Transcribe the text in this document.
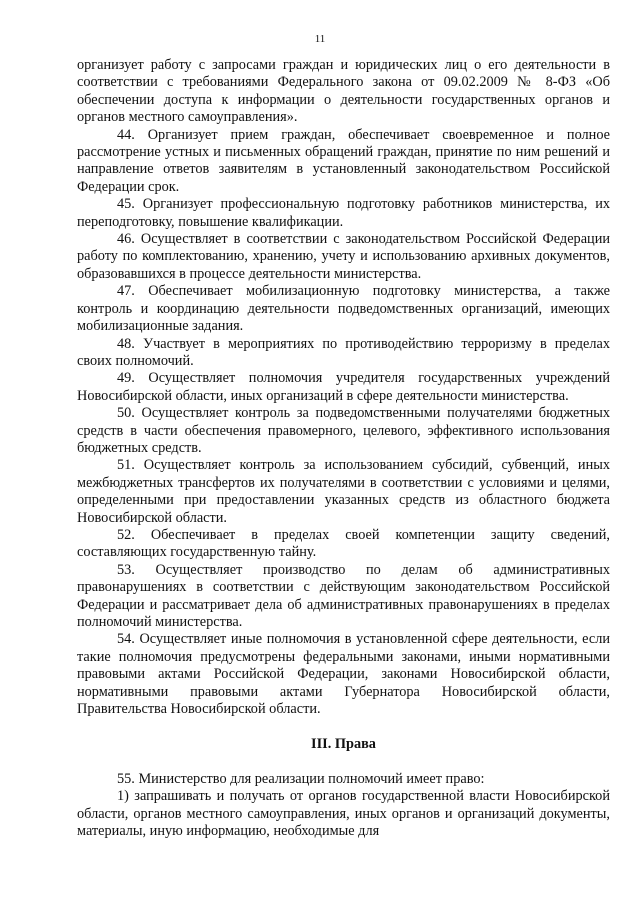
11

организует работу с запросами граждан и юридических лиц о его деятельности в соответствии с требованиями Федерального закона от 09.02.2009 № 8-ФЗ «Об обеспечении доступа к информации о деятельности государственных органов и органов местного самоуправления».

44. Организует прием граждан, обеспечивает своевременное и полное рассмотрение устных и письменных обращений граждан, принятие по ним решений и направление ответов заявителям в установленный законодательством Российской Федерации срок.

45. Организует профессиональную подготовку работников министерства, их переподготовку, повышение квалификации.

46. Осуществляет в соответствии с законодательством Российской Федерации работу по комплектованию, хранению, учету и использованию архивных документов, образовавшихся в процессе деятельности министерства.

47. Обеспечивает мобилизационную подготовку министерства, а также контроль и координацию деятельности подведомственных организаций, имеющих мобилизационные задания.

48. Участвует в мероприятиях по противодействию терроризму в пределах своих полномочий.

49. Осуществляет полномочия учредителя государственных учреждений Новосибирской области, иных организаций в сфере деятельности министерства.

50. Осуществляет контроль за подведомственными получателями бюджетных средств в части обеспечения правомерного, целевого, эффективного использования бюджетных средств.

51. Осуществляет контроль за использованием субсидий, субвенций, иных межбюджетных трансфертов их получателями в соответствии с условиями и целями, определенными при предоставлении указанных средств из областного бюджета Новосибирской области.

52. Обеспечивает в пределах своей компетенции защиту сведений, составляющих государственную тайну.

53. Осуществляет производство по делам об административных правонарушениях в соответствии с действующим законодательством Российской Федерации и рассматривает дела об административных правонарушениях в пределах полномочий министерства.

54. Осуществляет иные полномочия в установленной сфере деятельности, если такие полномочия предусмотрены федеральными законами, иными нормативными правовыми актами Российской Федерации, законами Новосибирской области, нормативными правовыми актами Губернатора Новосибирской области, Правительства Новосибирской области.

III. Права

55. Министерство для реализации полномочий имеет право:

1) запрашивать и получать от органов государственной власти Новосибирской области, органов местного самоуправления, иных органов и организаций документы, материалы, иную информацию, необходимые для
